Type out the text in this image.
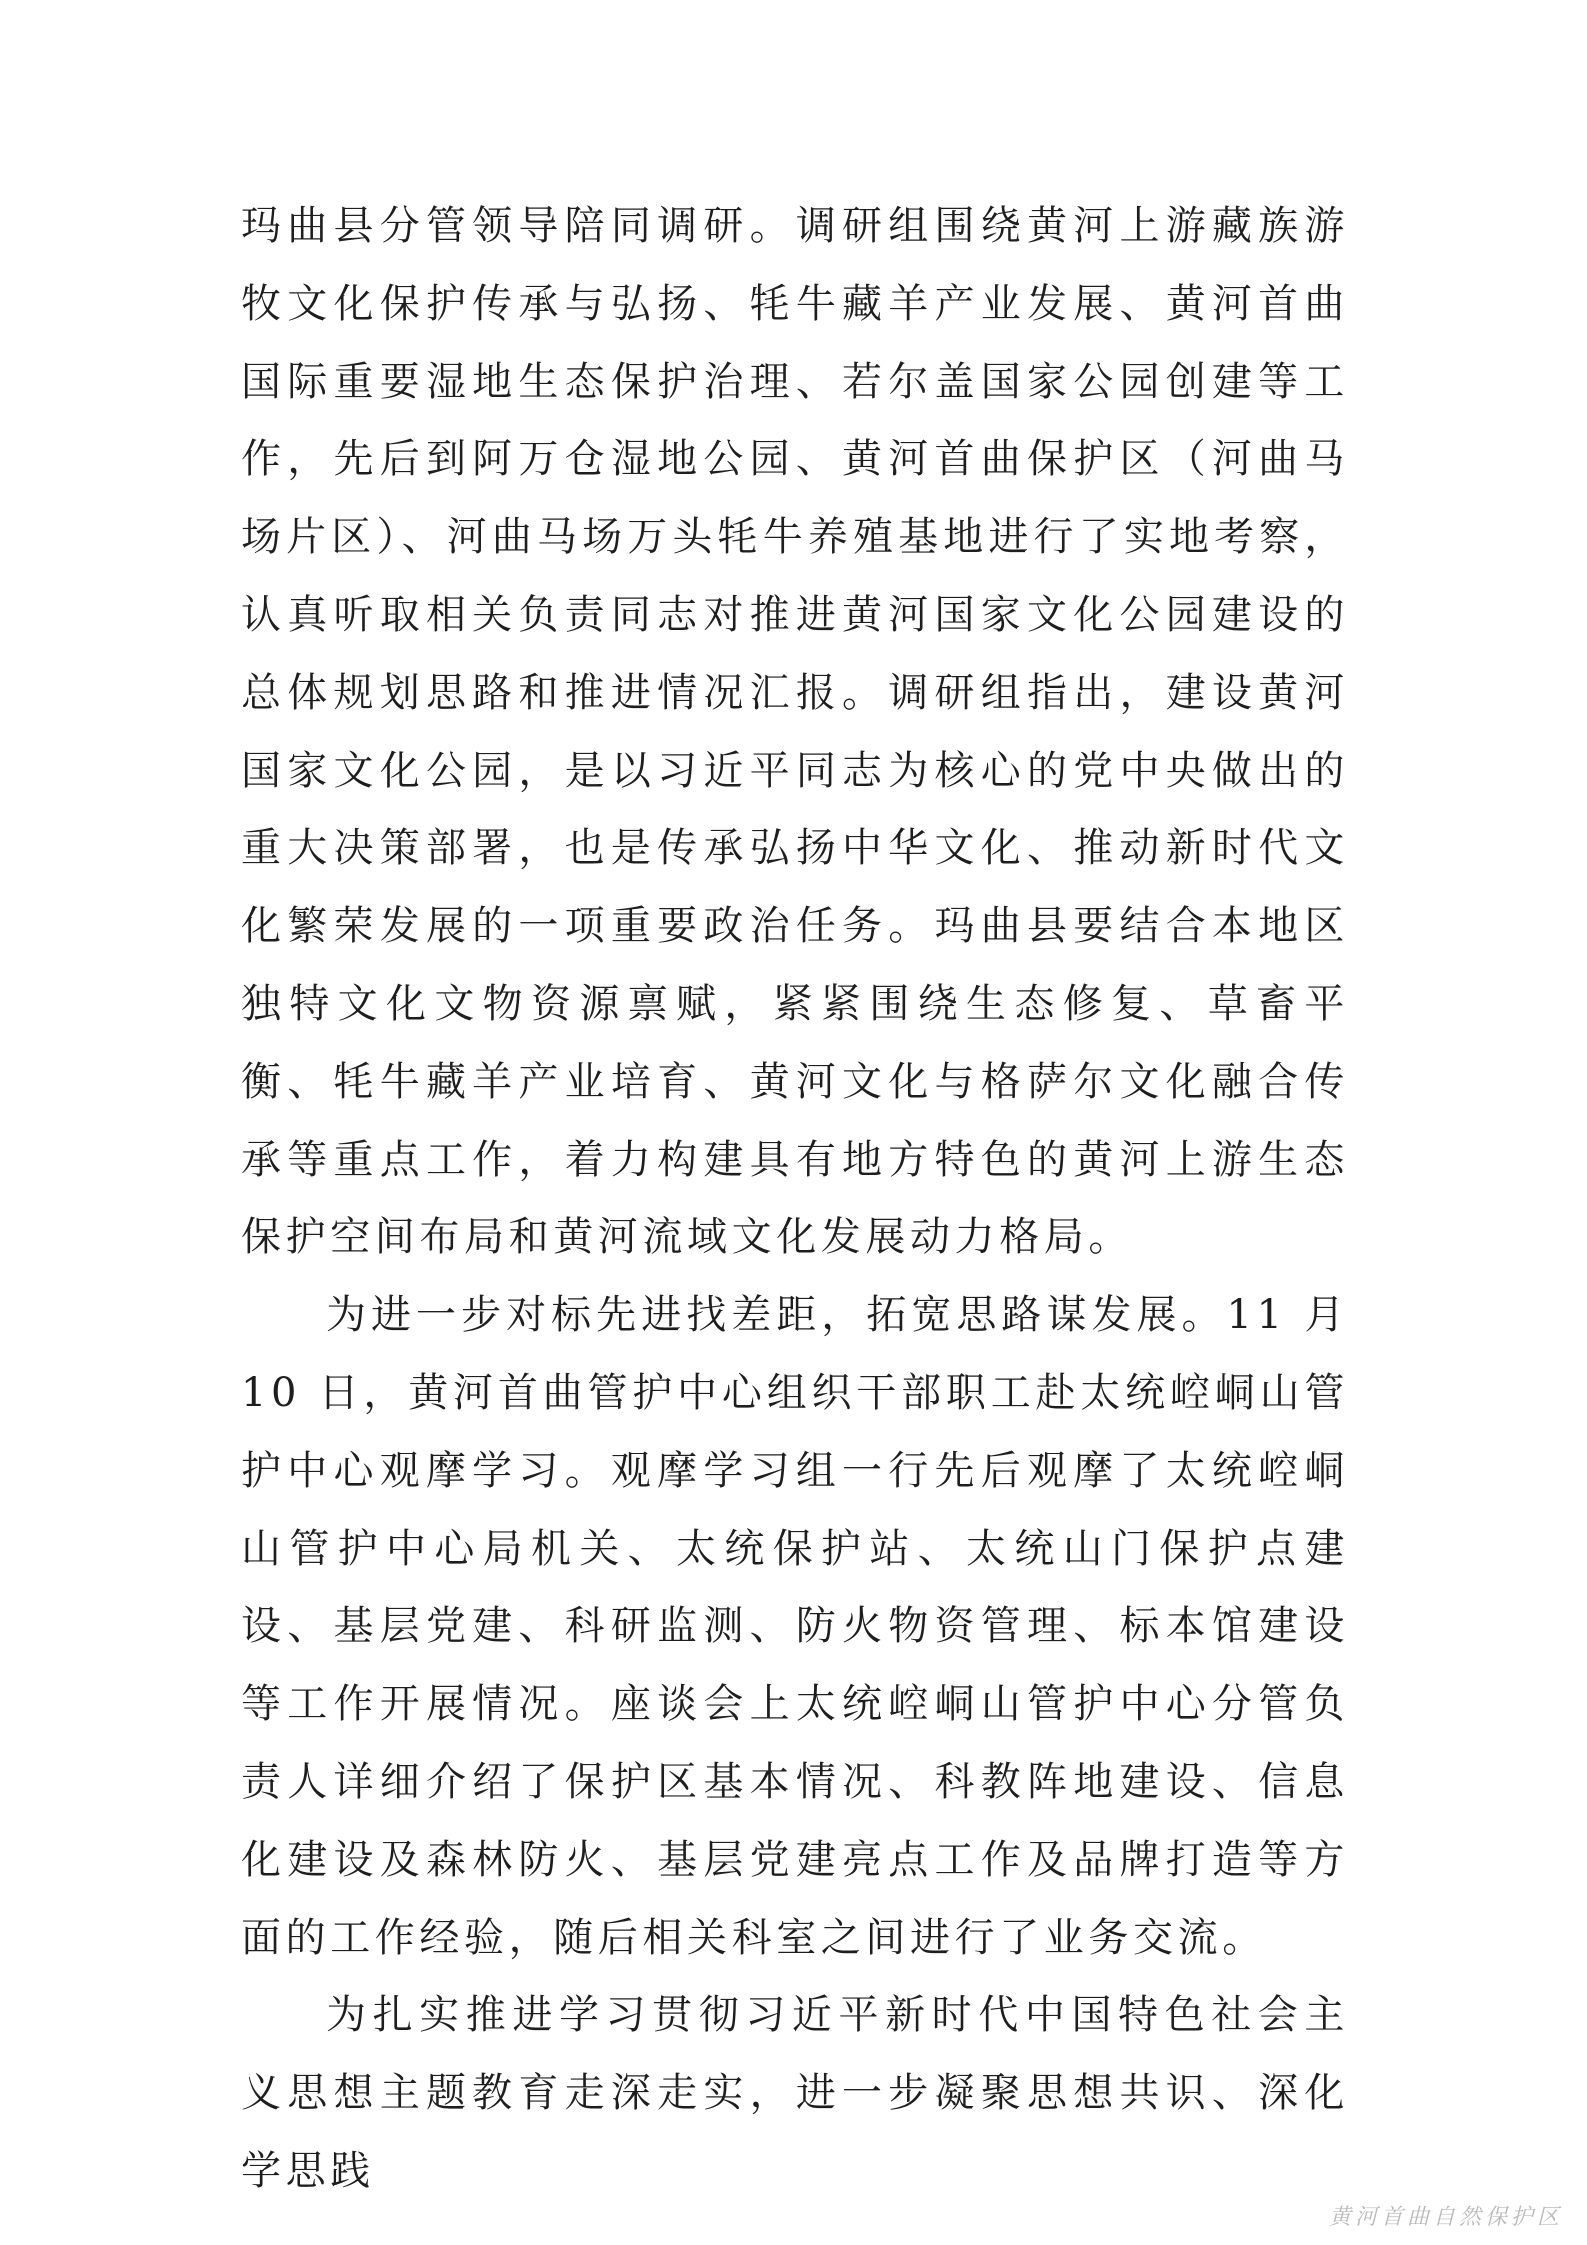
玛曲县分管领导陪同调研。调研组围绕黄河上游藏族游牧文化保护传承与弘扬、牦牛藏羊产业发展、黄河首曲国际重要湿地生态保护治理、若尔盖国家公园创建等工作，先后到阿万仓湿地公园、黄河首曲保护区（河曲马场片区）、河曲马场万头牦牛养殖基地进行了实地考察，认真听取相关负责同志对推进黄河国家文化公园建设的总体规划思路和推进情况汇报。调研组指出，建设黄河国家文化公园，是以习近平同志为核心的党中央做出的重大决策部署，也是传承弘扬中华文化、推动新时代文化繁荣发展的一项重要政治任务。玛曲县要结合本地区独特文化文物资源禀赋，紧紧围绕生态修复、草畜平衡、牦牛藏羊产业培育、黄河文化与格萨尔文化融合传承等重点工作，着力构建具有地方特色的黄河上游生态保护空间布局和黄河流域文化发展动力格局。

为进一步对标先进找差距，拓宽思路谋发展。11 月 10 日，黄河首曲管护中心组织干部职工赴太统崆峒山管护中心观摩学习。观摩学习组一行先后观摩了太统崆峒山管护中心局机关、太统保护站、太统山门保护点建设、基层党建、科研监测、防火物资管理、标本馆建设等工作开展情况。座谈会上太统崆峒山管护中心分管负责人详细介绍了保护区基本情况、科教阵地建设、信息化建设及森林防火、基层党建亮点工作及品牌打造等方面的工作经验，随后相关科室之间进行了业务交流。

为扎实推进学习贯彻习近平新时代中国特色社会主义思想主题教育走深走实，进一步凝聚思想共识、深化学思践

黄河首曲自然保护区
